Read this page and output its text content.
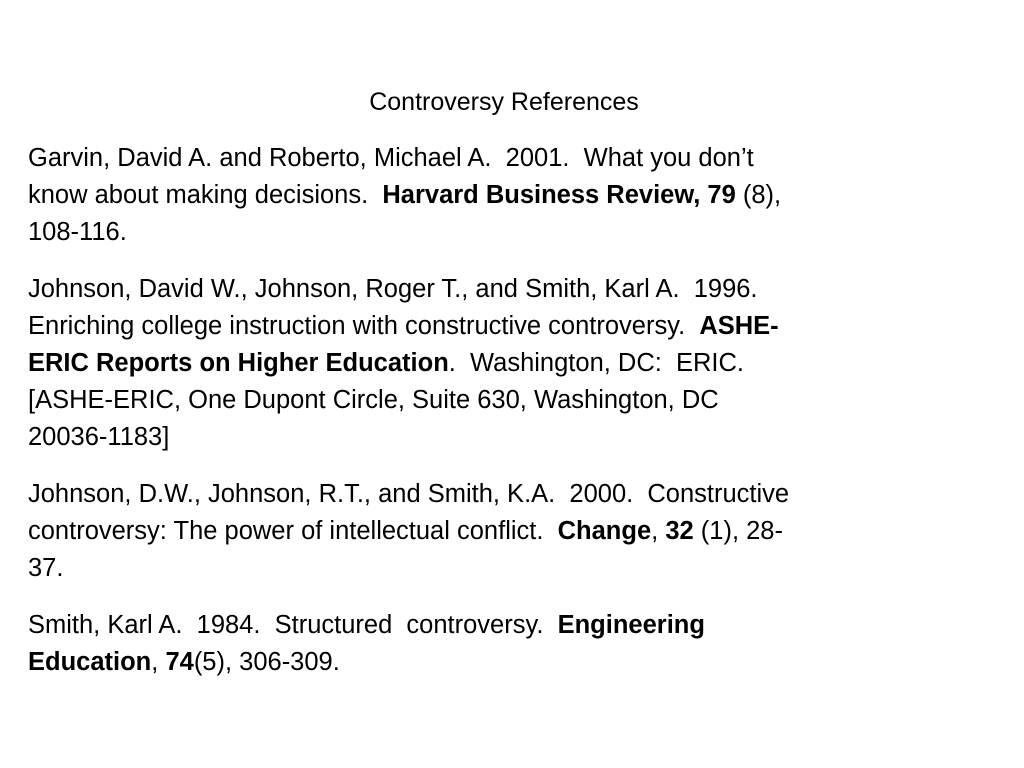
Controversy References
Garvin, David A. and Roberto, Michael A.  2001.  What you don’t
know about making decisions.  Harvard Business Review, 79 (8),
108-116.
Johnson, David W., Johnson, Roger T., and Smith, Karl A.  1996.
Enriching college instruction with constructive controversy.  ASHE-
ERIC Reports on Higher Education.  Washington, DC:  ERIC.
[ASHE-ERIC, One Dupont Circle, Suite 630, Washington, DC
20036-1183]
Johnson, D.W., Johnson, R.T., and Smith, K.A.  2000.  Constructive
controversy: The power of intellectual conflict.  Change, 32 (1), 28-
37.
Smith, Karl A.  1984.  Structured  controversy.  Engineering
Education, 74(5), 306-309.
